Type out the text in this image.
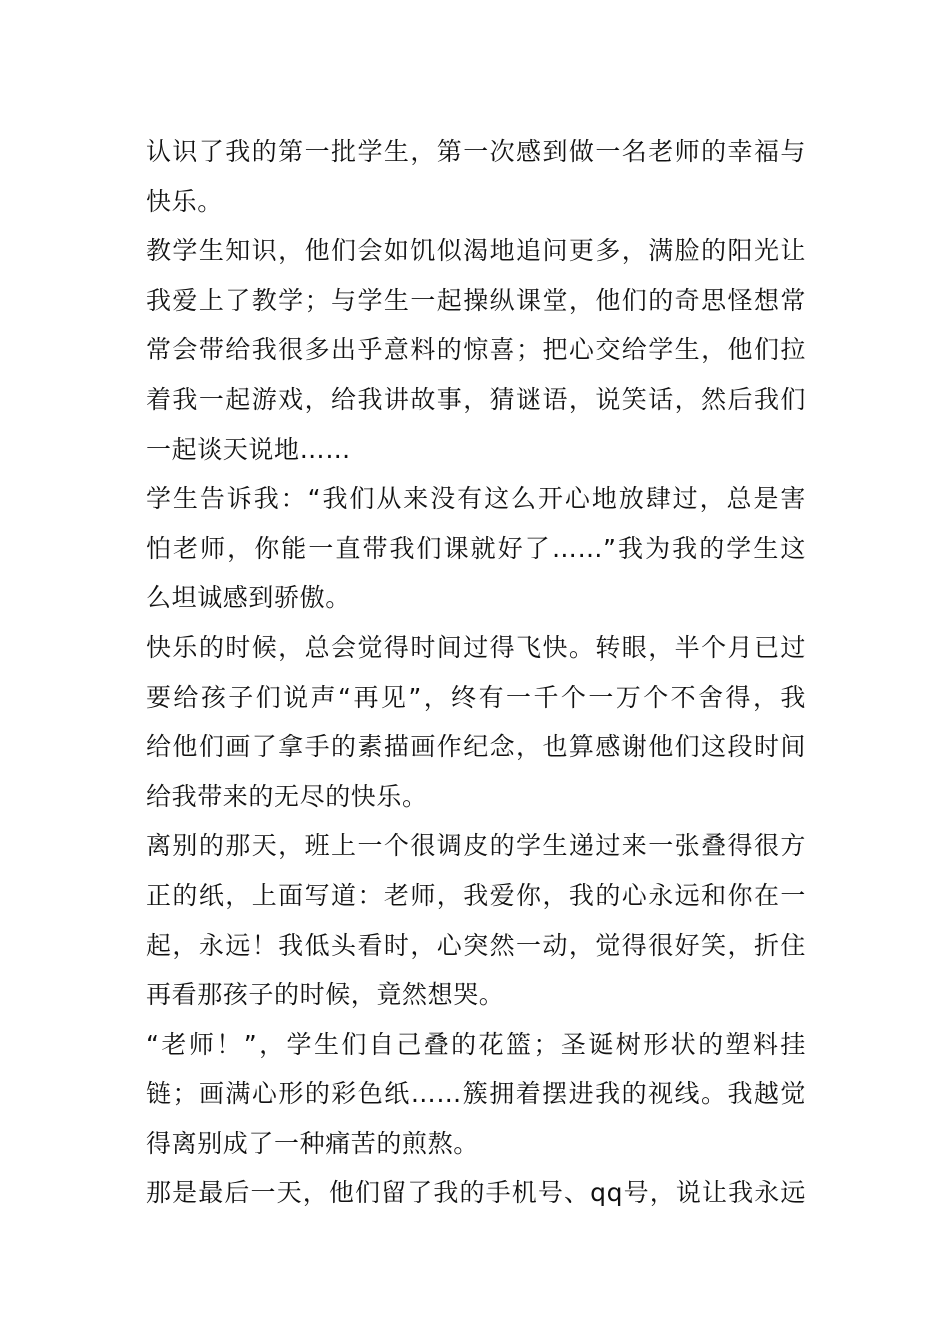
认识了我的第一批学生，第一次感到做一名老师的幸福与
快乐。
教学生知识，他们会如饥似渴地追问更多，满脸的阳光让
我爱上了教学；与学生一起操纵课堂，他们的奇思怪想常
常会带给我很多出乎意料的惊喜；把心交给学生，他们拉
着我一起游戏，给我讲故事，猜谜语，说笑话，然后我们
一起谈天说地……
学生告诉我：“我们从来没有这么开心地放肆过，总是害
怕老师，你能一直带我们课就好了……”我为我的学生这
么坦诚感到骄傲。
快乐的时候，总会觉得时间过得飞快。转眼，半个月已过
要给孩子们说声“再见”，终有一千个一万个不舍得，我
给他们画了拿手的素描画作纪念，也算感谢他们这段时间
给我带来的无尽的快乐。
离别的那天，班上一个很调皮的学生递过来一张叠得很方
正的纸，上面写道：老师，我爱你，我的心永远和你在一
起，永远！我低头看时，心突然一动，觉得很好笑，折住
再看那孩子的时候，竟然想哭。
“老师！”，学生们自己叠的花篮；圣诞树形状的塑料挂
链；画满心形的彩色纸……簇拥着摆进我的视线。我越觉
得离别成了一种痛苦的煎熬。
那是最后一天，他们留了我的手机号、qq号，说让我永远
